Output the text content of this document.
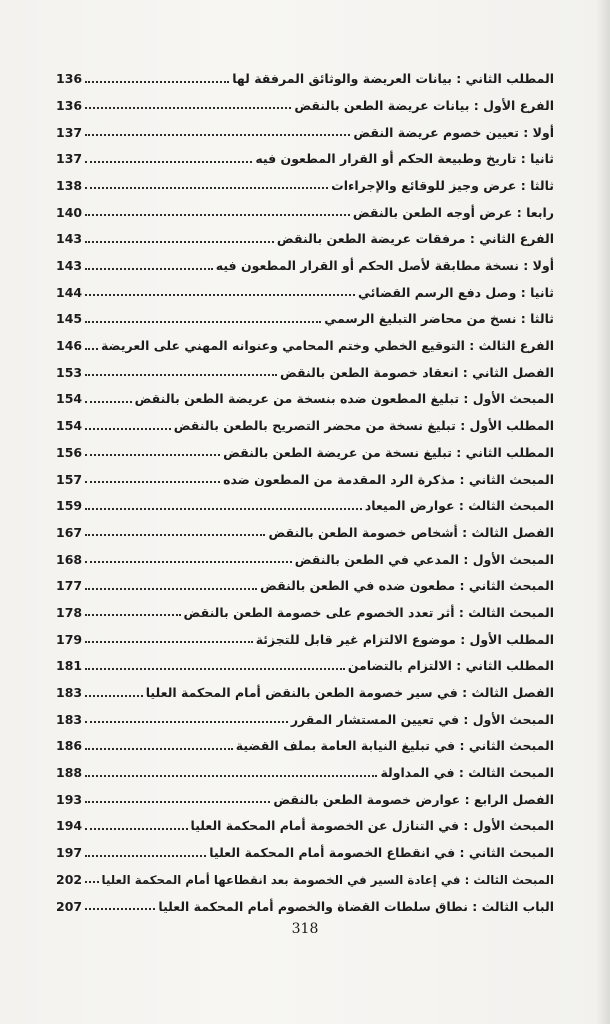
136	المطلب الثاني : بيانات العريضة والوثائق المرفقة لها
136	الفرع الأول : بيانات عريضة الطعن بالنقض
137	أولا : تعيين خصوم عريضة النقض
137	ثانيا : تاريخ وطبيعة الحكم أو القرار المطعون فيه
138	ثالثا : عرض وجيز للوقائع والإجراءات
140	رابعا : عرض أوجه الطعن بالنقض
143	الفرع الثاني : مرفقات عريضة الطعن بالنقض
143	أولا : نسخة مطابقة لأصل الحكم أو القرار المطعون فيه
144	ثانيا : وصل دفع الرسم القضائي
145	ثالثا : نسخ من محاضر التبليغ الرسمي
146 الفرع الثالث : التوقيع الخطي وختم المحامي وعنوانه المهني على العريضة
153	الفصل الثاني : انعقاد خصومة الطعن بالنقض
154	المبحث الأول : تبليغ المطعون ضده بنسخة من عريضة الطعن بالنقض
154	المطلب الأول : تبليغ نسخة من محضر التصريح بالطعن بالنقض
156	المطلب الثاني : تبليغ نسخة من عريضة الطعن بالنقض
157	المبحث الثاني : مذكرة الرد المقدمة من المطعون ضده
159	المبحث الثالث : عوارض الميعاد
167	الفصل الثالث : أشخاص خصومة الطعن بالنقض
168	المبحث الأول : المدعي في الطعن بالنقض
177	المبحث الثاني : مطعون ضده في الطعن بالنقض
178	المبحث الثالث : أثر تعدد الخصوم على خصومة الطعن بالنقض
179	المطلب الأول : موضوع الالتزام غير قابل للتجزئة
181	المطلب الثاني : الالتزام بالتضامن
183	الفصل الثالث : في سير خصومة الطعن بالنقض أمام المحكمة العليا
183	المبحث الأول : في تعيين المستشار المقرر
186	المبحث الثاني : في تبليغ النيابة العامة بملف القضية
188	المبحث الثالث : في المداولة
193	الفصل الرابع : عوارض خصومة الطعن بالنقض
194	المبحث الأول : في التنازل عن الخصومة أمام المحكمة العليا
197	المبحث الثاني : في انقطاع الخصومة أمام المحكمة العليا
202 المبحث الثالث : في إعادة السير في الخصومة بعد انقطاعها أمام المحكمة العليا
207	الباب الثالث : نطاق سلطات القضاة والخصوم أمام المحكمة العليا
318
